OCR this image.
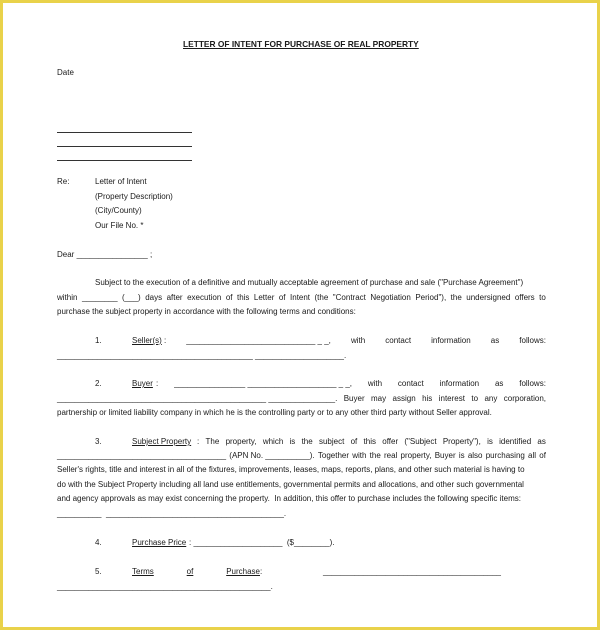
LETTER OF INTENT FOR PURCHASE OF REAL PROPERTY
Date
Re:	Letter of Intent
(Property Description)
(City/County)
Our File No. *
Dear ________________ ;
Subject to the execution of a definitive and mutually acceptable agreement of purchase and sale ("Purchase Agreement")
within ________ (___) days after execution of this Letter of Intent (the "Contract Negotiation Period"), the undersigned offers to
purchase the subject property in accordance with the following terms and conditions:
1.	Seller(s) :	_____________________________ _ _,	with	contact	information	as	follows:
____________________________________________ ____________________.
2.	Buyer : ________________ ____________________ _ _, with contact information as follows:
_______________________________________________ _______________. Buyer may assign his interest to any corporation,
partnership or limited liability company in which he is the controlling party or to any other third party without Seller approval.
3.	Subject Property : The property, which is the subject of this offer ("Subject Property"), is identified as
______________________________________ (APN No. __________). Together with the real property, Buyer is also purchasing all of
Seller's rights, title and interest in all of the fixtures, improvements, leases, maps, reports, plans, and other such material is having to
do with the Subject Property including all land use entitlements, governmental permits and allocations, and other such governmental
and agency approvals as may exist concerning the property.  In addition, this offer to purchase includes the following specific items:
__________  ________________________________________.
4.	Purchase Price : ____________________  ($________).
5.	Terms	of	Purchase :	________________________________________
________________________________________________.
